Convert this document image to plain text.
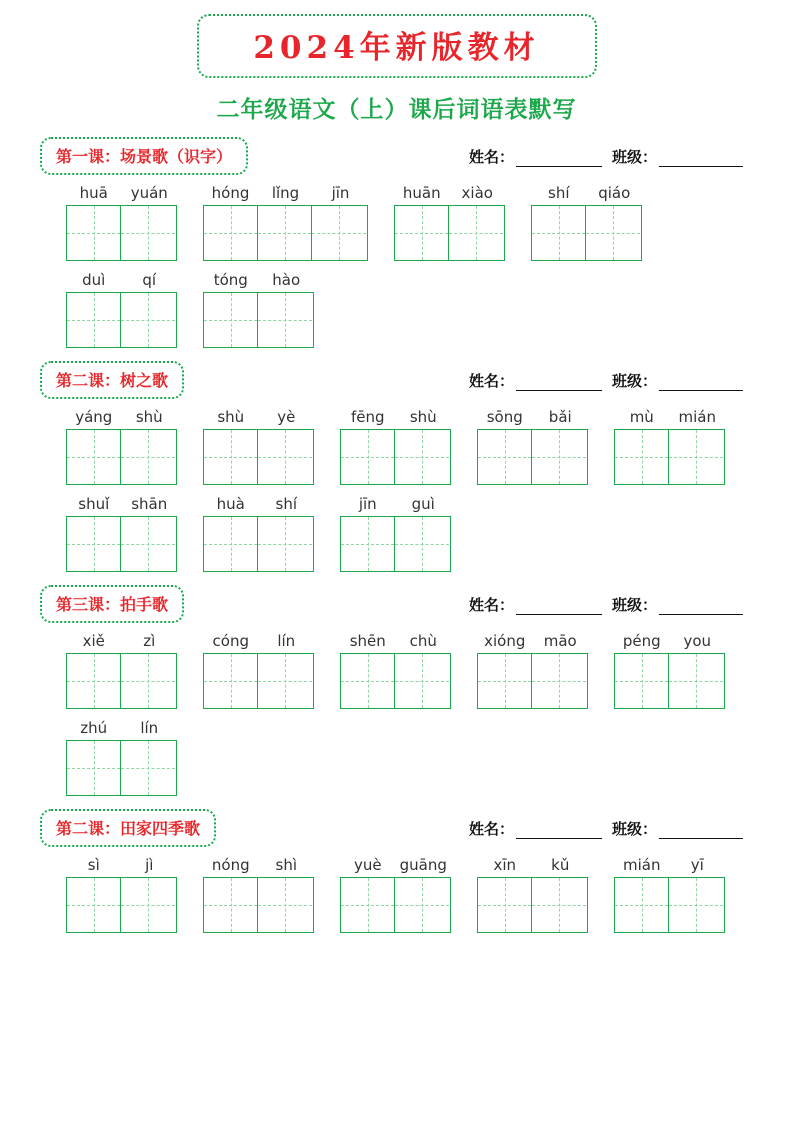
2024年新版教材
二年级语文（上）课后词语表默写
第一课：场景歌（识字）	姓名：	班级：
huā	yuán	hóng	lǐng	jīn	huān	xiào	shí	qiáo
duì	qí	tóng	hào
第二课：树之歌	姓名：	班级：
yáng	shù	shù	yè	fēng	shù	sōng	bǎi	mù	mián
shuǐ	shān	huà	shí	jīn	guì
第三课：拍手歌	姓名：	班级：
xiě	zì	cóng	lín	shēn	chù	xióng	māo	péng	you
zhú	lín
第二课：田家四季歌	姓名：	班级：
sì	jì	nóng	shì	yuè	guāng	xīn	kǔ	mián	yī
